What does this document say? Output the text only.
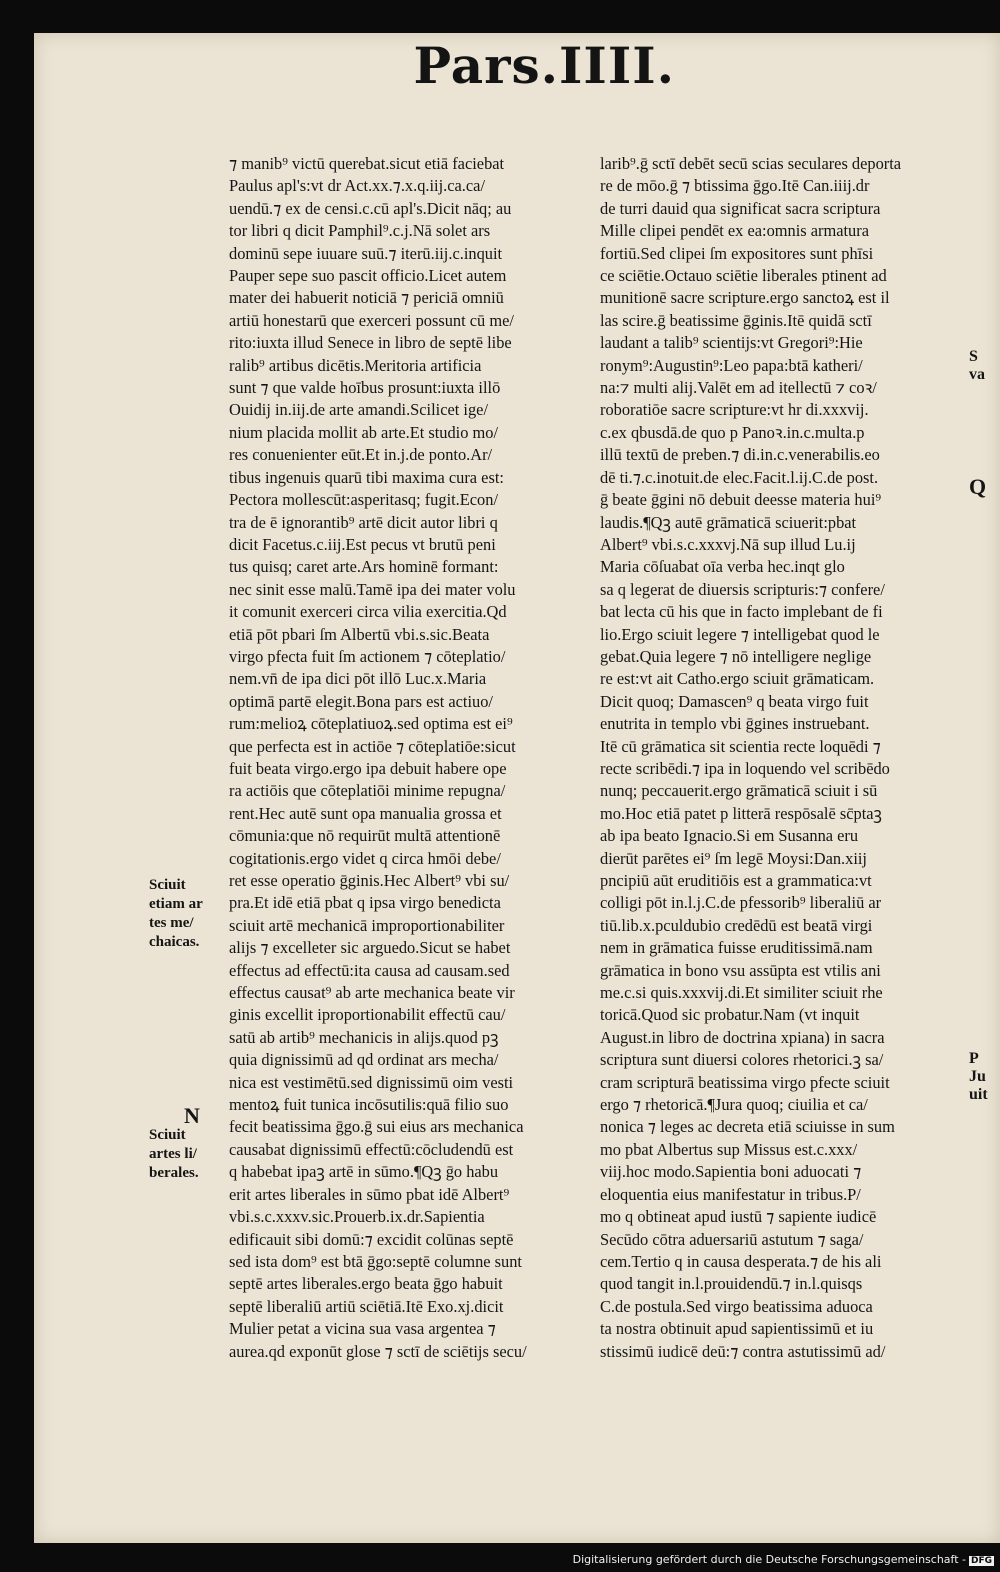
Pars.IIII.
⁊ manib⁹ victū querebat.sicut etiā faciebat
Paulus apl's:vt dr Act.xx.⁊.x.q.iij.ca.ca/
uendū.⁊ ex de censi.c.cū apl's.Dicit nāq; au
tor libri q dicit Pamphil⁹.c.j.Nā solet ars
dominū sepe iuuare suū.⁊ iterū.iij.c.inquit
Pauper sepe suo pascit officio.Licet autem
mater dei habuerit noticiā ⁊ periciā omniū
artiū honestarū que exerceri possunt cū me/
rito:iuxta illud Senece in libro de septē libe
ralib⁹ artibus dicētis.Meritoria artificia
sunt ⁊ que valde hoībus prosunt:iuxta illō
Ouidij in.iij.de arte amandi.Scilicet ige/
nium placida mollit ab arte.Et studio mo/
res conuenienter eūt.Et in.j.de ponto.Ar/
tibus ingenuis quarū tibi maxima cura est:
Pectora mollescūt:asperitasq; fugit.Econ/
tra de ē ignorantib⁹ artē dicit autor libri q
dicit Facetus.c.iij.Est pecus vt brutū peni
tus quisq; caret arte.Ars hominē formant:
nec sinit esse malū.Tamē ipa dei mater volu
it comunit exerceri circa vilia exercitia.Qd
etiā pōt pbari ſm Albertū vbi.s.sic.Beata
virgo pfecta fuit ſm actionem ⁊ cōteplatio/
nem.vn̄ de ipa dici pōt illō Luc.x.Maria
optimā partē elegit.Bona pars est actiuo/
rum:melioꝝ cōteplatiuoꝝ.sed optima est ei⁹
que perfecta est in actiōe ⁊ cōteplatiōe:sicut
fuit beata virgo.ergo ipa debuit habere ope
ra actiōis que cōteplatiōi minime repugna/
rent.Hec autē sunt opa manualia grossa et
cōmunia:que nō requirūt multā attentionē
cogitationis.ergo videt q circa hmōi debe/
ret esse operatio ḡginis.Hec Albert⁹ vbi su/
pra.Et idē etiā pbat q ipsa virgo benedicta
sciuit artē mechanicā improportionabiliter
alijs ⁊ excelleter sic arguedo.Sicut se habet
effectus ad effectū:ita causa ad causam.sed
effectus causat⁹ ab arte mechanica beate vir
ginis excellit iproportionabilit effectū cau/
satū ab artib⁹ mechanicis in alijs.quod pꝫ
quia dignissimū ad qd ordinat ars mecha/
nica est vestimētū.sed dignissimū oim vesti
mentoꝝ fuit tunica incōsutilis:quā filio suo
fecit beatissima ḡgo.ḡ sui eius ars mechanica
causabat dignissimū effectū:cōcludendū est
q habebat ipaꝫ artē in sūmo.¶Qꝫ ḡo habu
erit artes liberales in sūmo pbat idē Albert⁹
vbi.s.c.xxxv.sic.Prouerb.ix.dr.Sapientia
edificauit sibi domū:⁊ excidit colūnas septē
sed ista dom⁹ est btā ḡgo:septē columne sunt
septē artes liberales.ergo beata ḡgo habuit
septē liberaliū artiū sciētiā.Itē Exo.xj.dicit
Mulier petat a vicina sua vasa argentea ⁊
aurea.qd exponūt glose ⁊ sctī de sciētijs secu/
larib⁹.ḡ sctī debēt secū scias seculares deporta
re de mōo.ḡ ⁊ btissima ḡgo.Itē Can.iiij.dr
de turri dauid qua significat sacra scriptura
Mille clipei pendēt ex ea:omnis armatura
fortiū.Sed clipei ſm expositores sunt phīsi
ce sciētie.Octauo sciētie liberales ptinent ad
munitionē sacre scripture.ergo sanctoꝝ est il
las scire.ḡ beatissime ḡginis.Itē quidā sctī
laudant a talib⁹ scientijs:vt Gregori⁹:Hie
ronym⁹:Augustin⁹:Leo papa:btā katheri/
na:⁊ multi alij.Valēt em ad itellectū ⁊ coꝛ/
roboratiōe sacre scripture:vt hr di.xxxvij.
c.ex qbusdā.de quo p Panoꝛ.in.c.multa.p
illū textū de preben.⁊ di.in.c.venerabilis.eo
dē ti.⁊.c.inotuit.de elec.Facit.l.ij.C.de post.
ḡ beate ḡgini nō debuit deesse materia hui⁹
laudis.¶Qꝫ autē grāmaticā sciuerit:pbat
Albert⁹ vbi.s.c.xxxvj.Nā sup illud Lu.ij
Maria cōſuabat oīa verba hec.inqt glo
sa q legerat de diuersis scripturis:⁊ confere/
bat lecta cū his que in facto implebant de fi
lio.Ergo sciuit legere ⁊ intelligebat quod le
gebat.Quia legere ⁊ nō intelligere neglige
re est:vt ait Catho.ergo sciuit grāmaticam.
Dicit quoq; Damascen⁹ q beata virgo fuit
enutrita in templo vbi ḡgines instruebant.
Itē cū grāmatica sit scientia recte loquēdi ⁊
recte scribēdi.⁊ ipa in loquendo vel scribēdo
nunq; peccauerit.ergo grāmaticā sciuit i sū
mo.Hoc etiā patet p litterā respōsalē sc̄ptaꝫ
ab ipa beato Ignacio.Si em Susanna eru
dierūt parētes ei⁹ ſm legē Moysi:Dan.xiij
pncipiū aūt eruditiōis est a grammatica:vt
colligi pōt in.l.j.C.de pfessorib⁹ liberaliū ar
tiū.lib.x.pculdubio credēdū est beatā virgi
nem in grāmatica fuisse eruditissimā.nam
grāmatica in bono vsu assūpta est vtilis ani
me.c.si quis.xxxvij.di.Et similiter sciuit rhe
toricā.Quod sic probatur.Nam (vt inquit
August.in libro de doctrina xpiana) in sacra
scriptura sunt diuersi colores rhetorici.ꝫ sa/
cram scripturā beatissima virgo pfecte sciuit
ergo ⁊ rhetoricā.¶Jura quoq; ciuilia et ca/
nonica ⁊ leges ac decreta etiā sciuisse in sum
mo pbat Albertus sup Missus est.c.xxx/
viij.hoc modo.Sapientia boni aduocati ⁊
eloquentia eius manifestatur in tribus.P/
mo q obtineat apud iustū ⁊ sapiente iudicē
Secūdo cōtra aduersariū astutum ⁊ saga/
cem.Tertio q in causa desperata.⁊ de his ali
quod tangit in.l.prouidendū.⁊ in.l.quisqs
C.de postula.Sed virgo beatissima aduoca
ta nostra obtinuit apud sapientissimū et iu
stissimū iudicē deū:⁊ contra astutissimū ad/
Sciuit
etiam ar
tes me/
chaicas.
N
Sciuit
artes li/
berales.
S
va
Q
P
Ju
uit
Digitalisierung gefördert durch die Deutsche Forschungsgemeinschaft - DFG
